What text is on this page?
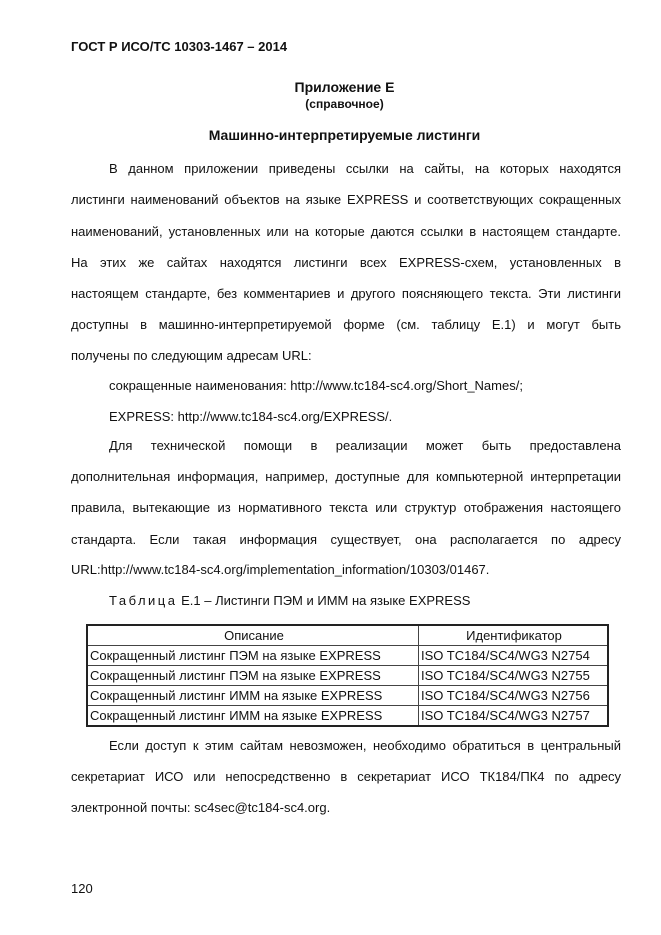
ГОСТ Р ИСО/ТС 10303-1467 – 2014
Приложение Е
(справочное)
Машинно-интерпретируемые листинги
В данном приложении приведены ссылки на сайты, на которых находятся
листинги наименований объектов на языке EXPRESS и соответствующих сокращенных
наименований, установленных или на которые даются ссылки в настоящем стандарте.
На этих же сайтах находятся листинги всех EXPRESS-схем, установленных в
настоящем стандарте, без комментариев и другого поясняющего текста. Эти листинги
доступны в машинно-интерпретируемой форме (см. таблицу Е.1) и могут быть
получены по следующим адресам URL:
сокращенные наименования: http://www.tc184-sc4.org/Short_Names/;
EXPRESS: http://www.tc184-sc4.org/EXPRESS/.
Для технической помощи в реализации может быть предоставлена
дополнительная информация, например, доступные для компьютерной интерпретации
правила, вытекающие из нормативного текста или структур отображения настоящего
стандарта. Если такая информация существует, она располагается по адресу
URL:http://www.tc184-sc4.org/implementation_information/10303/01467.
Таблица Е.1 – Листинги ПЭМ и ИММ на языке EXPRESS
Описание	Идентификатор
Сокращенный листинг ПЭМ на языке EXPRESS	ISO TC184/SC4/WG3 N2754
Сокращенный листинг ПЭМ на языке EXPRESS	ISO TC184/SC4/WG3 N2755
Сокращенный листинг ИММ на языке EXPRESS	ISO TC184/SC4/WG3 N2756
Сокращенный листинг ИММ на языке EXPRESS	ISO TC184/SC4/WG3 N2757
Если доступ к этим сайтам невозможен, необходимо обратиться в центральный
секретариат ИСО или непосредственно в секретариат ИСО ТК184/ПК4 по адресу
электронной почты: sc4sec@tc184-sc4.org.
120
